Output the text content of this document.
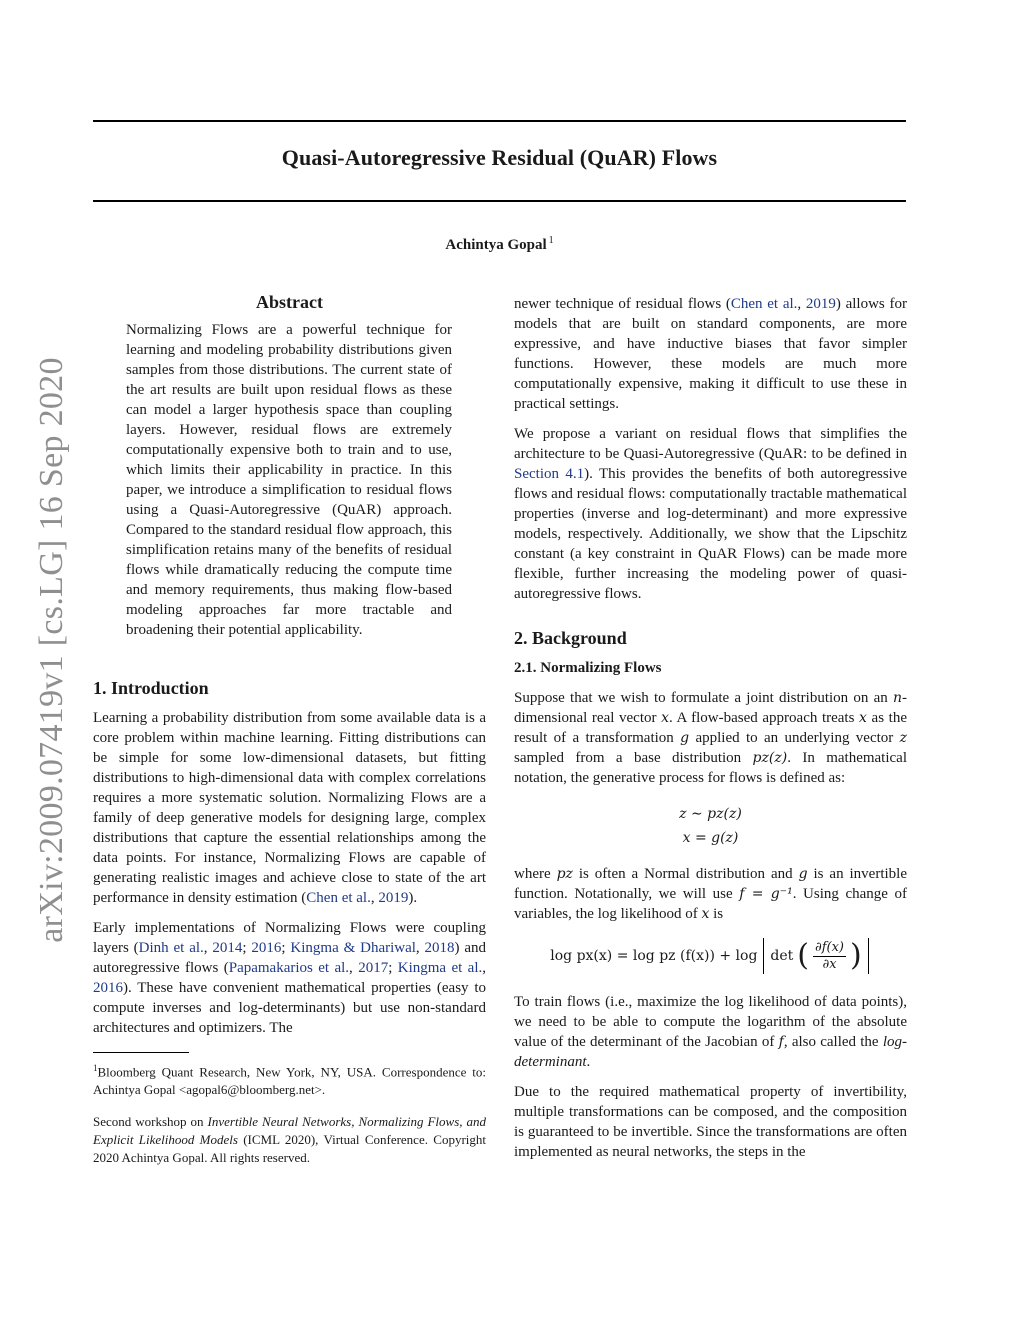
Quasi-Autoregressive Residual (QuAR) Flows
Achintya Gopal $^1$
arXiv:2009.07419v1 [cs.LG] 16 Sep 2020
Abstract

Normalizing Flows are a powerful technique for learning and modeling probability distributions given samples from those distributions. The current state of the art results are built upon residual flows as these can model a larger hypothesis space than coupling layers. However, residual flows are extremely computationally expensive both to train and to use, which limits their applicability in practice. In this paper, we introduce a simplification to residual flows using a Quasi-Autoregressive (QuAR) approach. Compared to the standard residual flow approach, this simplification retains many of the benefits of residual flows while dramatically reducing the compute time and memory requirements, thus making flow-based modeling approaches far more tractable and broadening their potential applicability.

1. Introduction

Learning a probability distribution from some available data is a core problem within machine learning. Fitting distributions can be simple for some low-dimensional datasets, but fitting distributions to high-dimensional data with complex correlations requires a more systematic solution. Normalizing Flows are a family of deep generative models for designing large, complex distributions that capture the essential relationships among the data points. For instance, Normalizing Flows are capable of generating realistic images and achieve close to state of the art performance in density estimation (Chen et al., 2019).

Early implementations of Normalizing Flows were coupling layers (Dinh et al., 2014; 2016; Kingma & Dhariwal, 2018) and autoregressive flows (Papamakarios et al., 2017; Kingma et al., 2016). These have convenient mathematical properties (easy to compute inverses and log-determinants) but use non-standard architectures and optimizers. The

$^1$Bloomberg Quant Research, New York, NY, USA. Correspondence to: Achintya Gopal <agopal6@bloomberg.net>.
Second workshop on Invertible Neural Networks, Normalizing Flows, and Explicit Likelihood Models (ICML 2020), Virtual Conference. Copyright 2020 Achintya Gopal. All rights reserved.

newer technique of residual flows (Chen et al., 2019) allows for models that are built on standard components, are more expressive, and have inductive biases that favor simpler functions. However, these models are much more computationally expensive, making it difficult to use these in practical settings.

We propose a variant on residual flows that simplifies the architecture to be Quasi-Autoregressive (QuAR: to be defined in Section 4.1). This provides the benefits of both autoregressive flows and residual flows: computationally tractable mathematical properties (inverse and log-determinant) and more expressive models, respectively. Additionally, we show that the Lipschitz constant (a key constraint in QuAR Flows) can be made more flexible, further increasing the modeling power of quasi-autoregressive flows.

2. Background
2.1. Normalizing Flows

Suppose that we wish to formulate a joint distribution on an n-dimensional real vector x. A flow-based approach treats x as the result of a transformation g applied to an underlying vector z sampled from a base distribution pz(z). In mathematical notation, the generative process for flows is defined as:

z ∼ pz(z)
x = g(z)

where pz is often a Normal distribution and g is an invertible function. Notationally, we will use f = g⁻¹. Using change of variables, the log likelihood of x is

log px(x) = log pz (f(x)) + log det ( $\frac{\partial f(x)}{\partial x}$ )

To train flows (i.e., maximize the log likelihood of data points), we need to be able to compute the logarithm of the absolute value of the determinant of the Jacobian of f, also called the log-determinant.

Due to the required mathematical property of invertibility, multiple transformations can be composed, and the composition is guaranteed to be invertible. Since the transformations are often implemented as neural networks, the steps in the
